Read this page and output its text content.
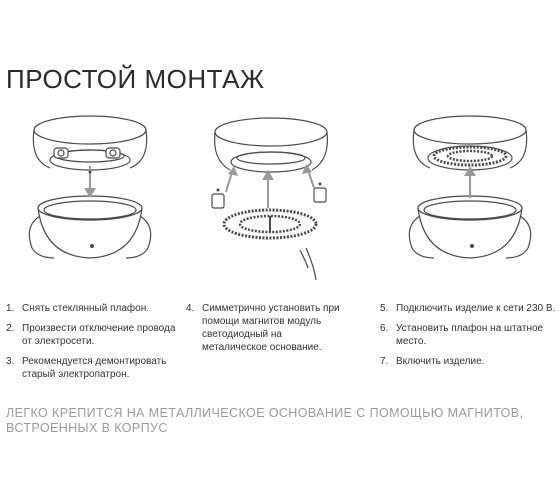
ПРОСТОЙ МОНТАЖ
1. Снять стеклянный плафон.
2. Произвести отключение провода от электросети.
3. Рекомендуется демонтировать старый электропатрон.
4. Симметрично установить при помощи магнитов модуль светодиодный на металическое основание.
5. Подключить изделие к сети 230 В.
6. Установить плафон на штатное место.
7. Включить изделие.
ЛЕГКО КРЕПИТСЯ НА МЕТАЛЛИЧЕСКОЕ ОСНОВАНИЕ С ПОМОЩЬЮ МАГНИТОВ, ВСТРОЕННЫХ В КОРПУС
